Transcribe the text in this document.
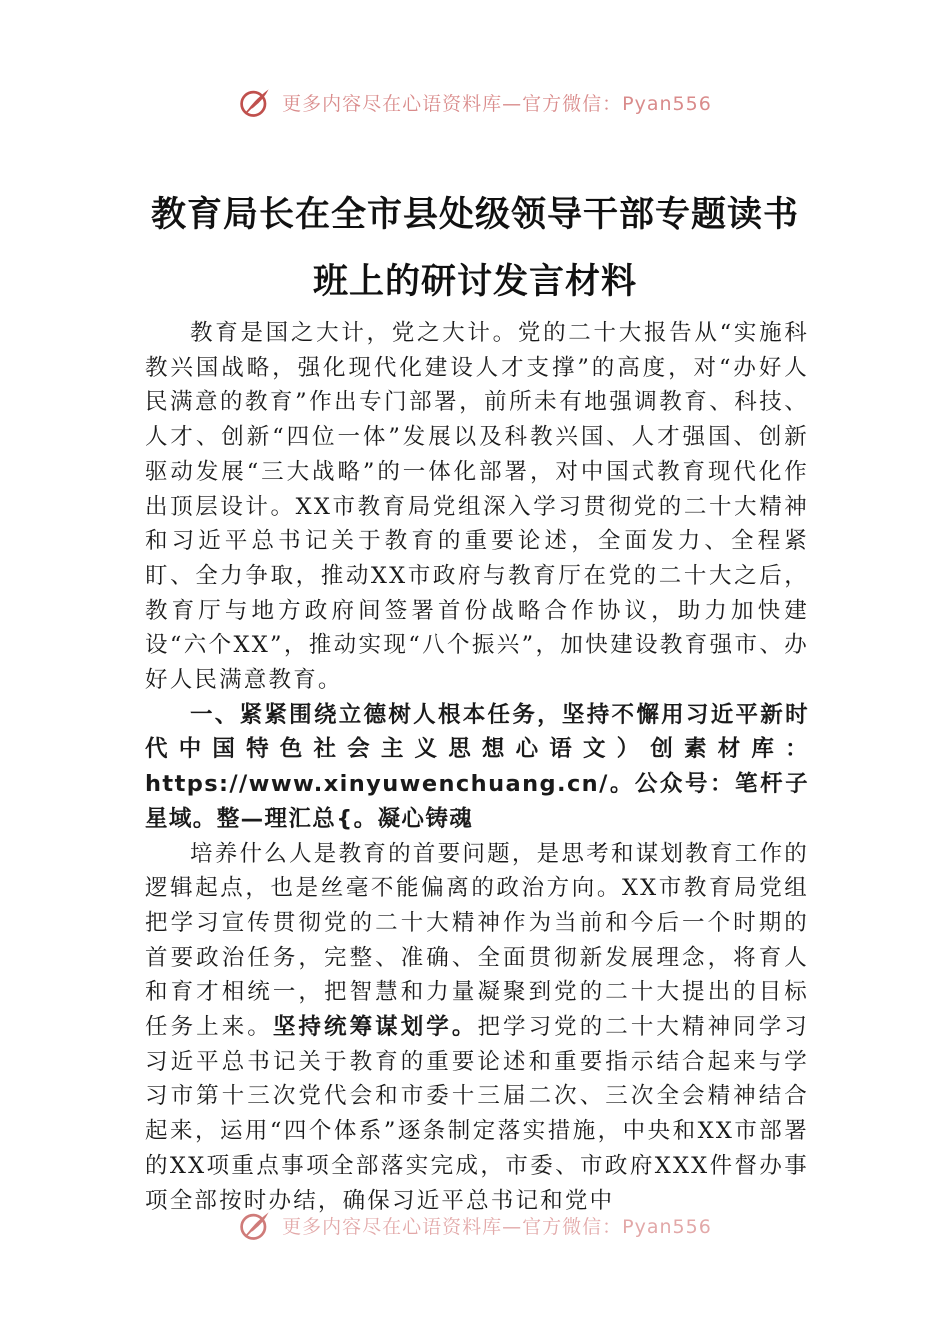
更多内容尽在心语资料库—官方微信：Pyan556
教育局长在全市县处级领导干部专题读书
班上的研讨发言材料

教育是国之大计，党之大计。党的二十大报告从“实施科教兴国战略，强化现代化建设人才支撑”的高度，对“办好人民满意的教育”作出专门部署，前所未有地强调教育、科技、人才、创新“四位一体”发展以及科教兴国、人才强国、创新驱动发展“三大战略”的一体化部署，对中国式教育现代化作出顶层设计。XX市教育局党组深入学习贯彻党的二十大精神和习近平总书记关于教育的重要论述，全面发力、全程紧盯、全力争取，推动XX市政府与教育厅在党的二十大之后，教育厅与地方政府间签署首份战略合作协议，助力加快建设“六个XX”，推动实现“八个振兴”，加快建设教育强市、办好人民满意教育。

一、紧紧围绕立德树人根本任务，坚持不懈用习近平新时代中国特色社会主义思想心语文）创素材库：https://www.xinyuwenchuang.cn/。公众号：笔杆子星域。整—理汇总{。凝心铸魂

培养什么人是教育的首要问题，是思考和谋划教育工作的逻辑起点，也是丝毫不能偏离的政治方向。XX市教育局党组把学习宣传贯彻党的二十大精神作为当前和今后一个时期的首要政治任务，完整、准确、全面贯彻新发展理念，将育人和育才相统一，把智慧和力量凝聚到党的二十大提出的目标任务上来。坚持统筹谋划学。把学习党的二十大精神同学习习近平总书记关于教育的重要论述和重要指示结合起来与学习市第十三次党代会和市委十三届二次、三次全会精神结合起来，运用“四个体系”逐条制定落实措施，中央和XX市部署的XX项重点事项全部落实完成，市委、市政府XXX件督办事项全部按时办结，确保习近平总书记和党中

更多内容尽在心语资料库—官方微信：Pyan556
